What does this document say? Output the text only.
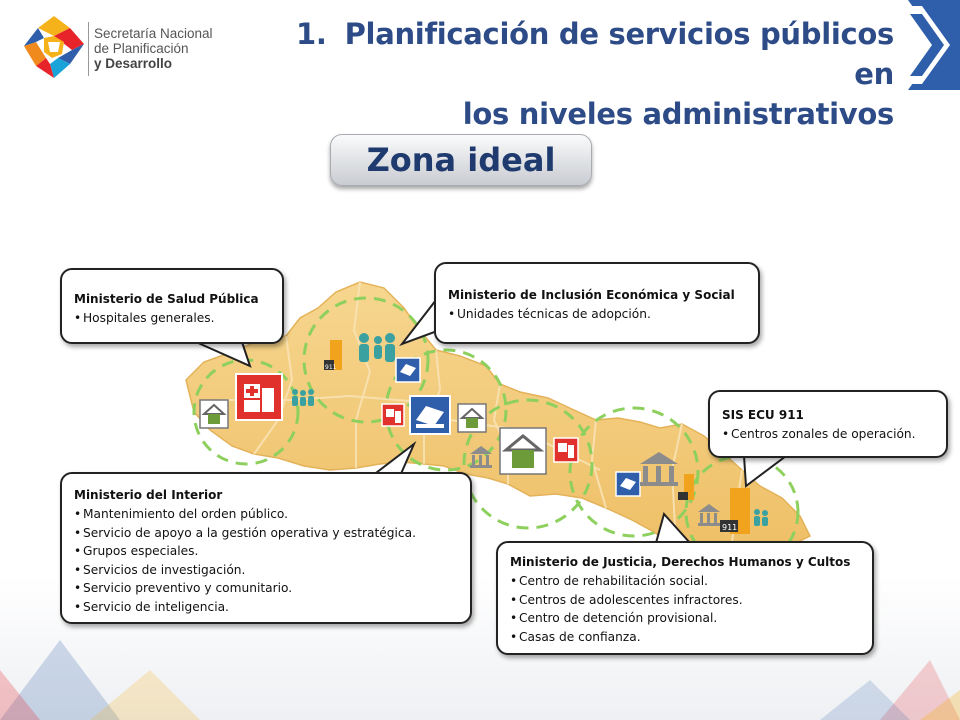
Secretaría Nacional
de Planificación
y Desarrollo
1. Planificación de servicios públicos en
los niveles administrativos
Zona ideal
911
911
Ministerio de Salud Pública
• Hospitales generales.
Ministerio de Inclusión Económica y Social
• Unidades técnicas de adopción.
SIS ECU 911
• Centros zonales de operación.
Ministerio del Interior
• Mantenimiento del orden público.
• Servicio de apoyo a la gestión operativa y estratégica.
• Grupos especiales.
• Servicios de investigación.
• Servicio preventivo y comunitario.
• Servicio de inteligencia.
Ministerio de Justicia, Derechos Humanos y Cultos
• Centro de rehabilitación social.
• Centros de adolescentes infractores.
• Centro de detención provisional.
• Casas de confianza.
